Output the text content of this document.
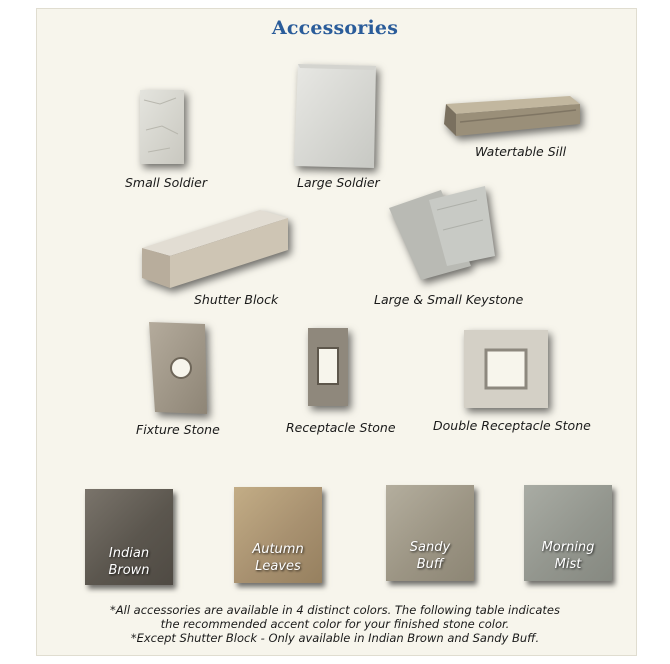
Accessories
Small Soldier	Large Soldier
Watertable Sill
Shutter Block	Large & Small Keystone
Fixture Stone	Receptacle Stone	Double Receptacle Stone
Indian
Brown
Autumn
Leaves
Sandy
Buff
Morning
Mist
*All accessories are available in 4 distinct colors. The following table indicates
the recommended accent color for your finished stone color.
*Except Shutter Block - Only available in Indian Brown and Sandy Buff.
